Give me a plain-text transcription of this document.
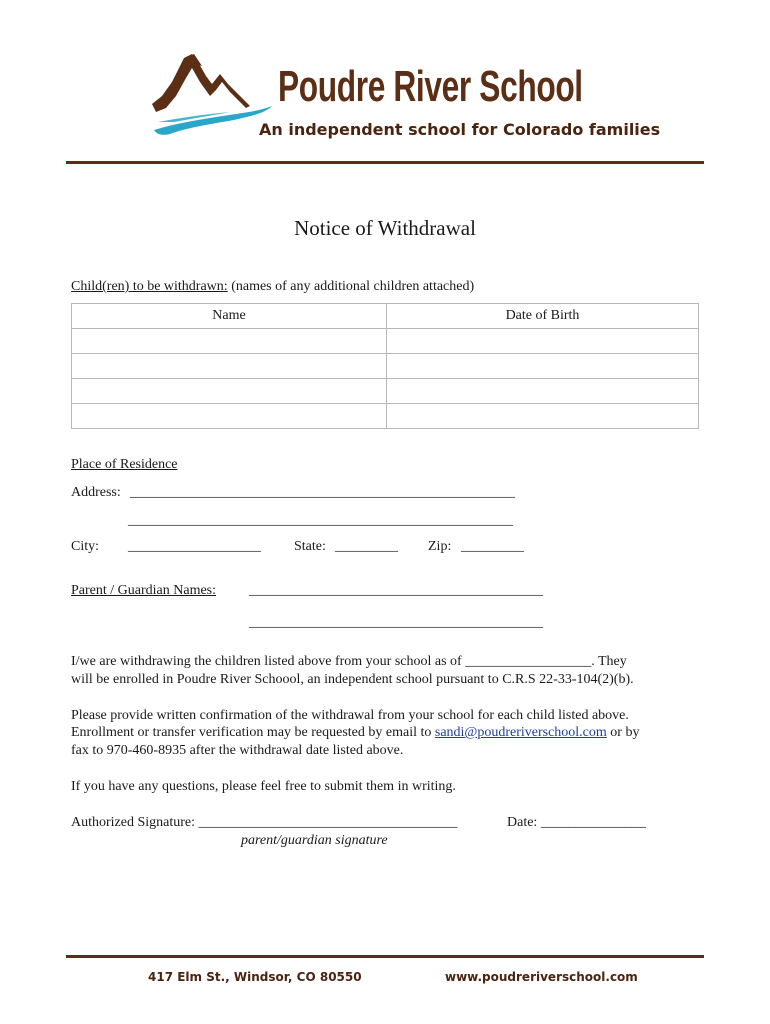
Poudre River School
An independent school for Colorado families
Notice of Withdrawal
Child(ren) to be withdrawn: (names of any additional children attached)
Name	Date of Birth

Place of Residence
Address: _______________________________________________________
_______________________________________________________
City: ___________________ State: _________ Zip: _________
Parent / Guardian Names: __________________________________________
__________________________________________
I/we are withdrawing the children listed above from your school as of __________________. They
will be enrolled in Poudre River Schoool, an independent school pursuant to C.R.S 22-33-104(2)(b).
Please provide written confirmation of the withdrawal from your school for each child listed above.
Enrollment or transfer verification may be requested by email to sandi@poudreriverschool.com or by
fax to 970-460-8935 after the withdrawal date listed above.
If you have any questions, please feel free to submit them in writing.
Authorized Signature: _____________________________________	Date: _______________
parent/guardian signature
417 Elm St., Windsor, CO 80550	www.poudreriverschool.com
